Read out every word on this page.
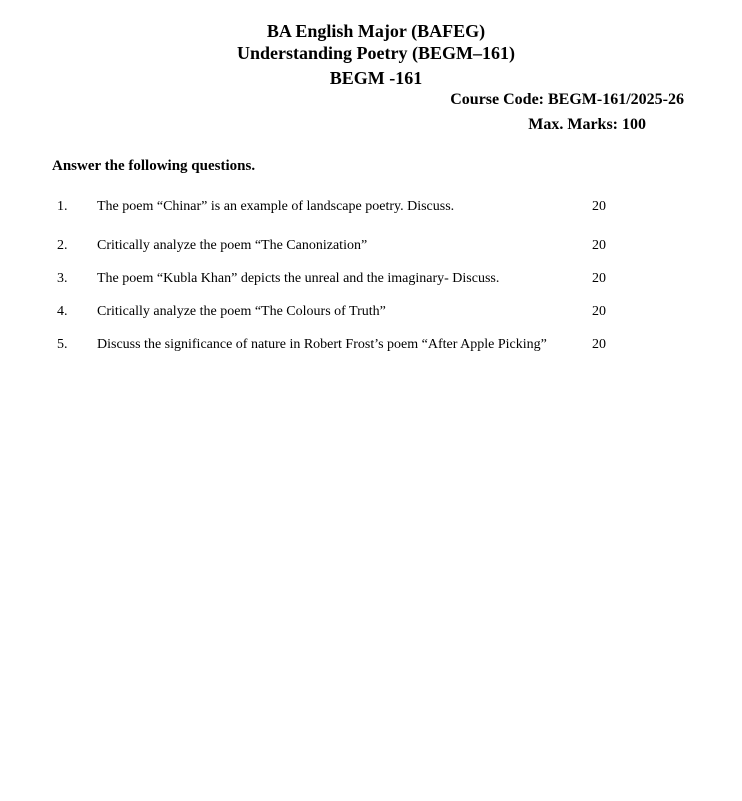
BA English Major (BAFEG)
Understanding Poetry (BEGM–161)
BEGM -161
Course Code: BEGM-161/2025-26
Max. Marks: 100
Answer the following questions.
1. The poem “Chinar” is an example of landscape poetry. Discuss.	20
2. Critically analyze the poem “The Canonization”	20
3. The poem “Kubla Khan” depicts the unreal and the imaginary- Discuss.	20
4. Critically analyze the poem “The Colours of Truth”	20
5. Discuss the significance of nature in Robert Frost’s poem “After Apple Picking”	20
